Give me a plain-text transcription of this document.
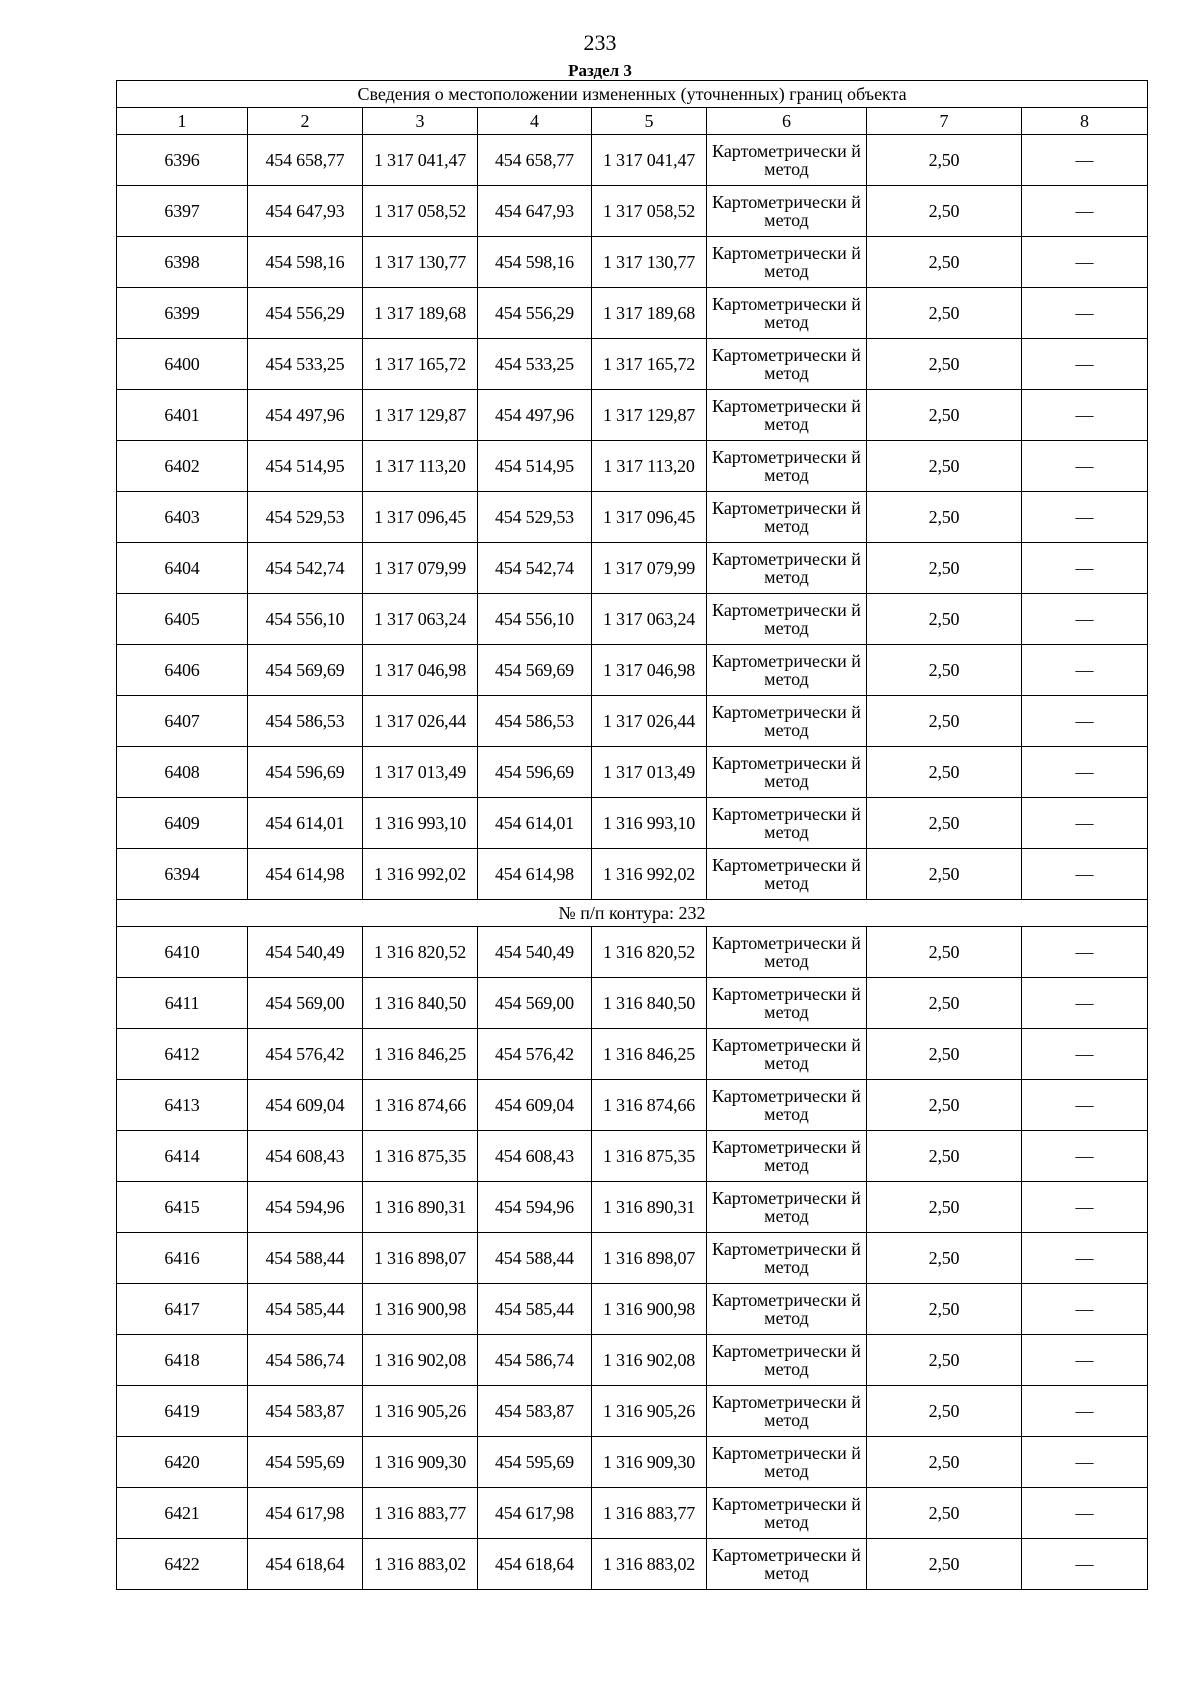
233
Раздел 3
Сведения о местоположении измененных (уточненных) границ объекта							
1	2	3	4	5	6	7	8
6396	454 658,77	1 317 041,47	454 658,77	1 317 041,47	Картометрически й метод	2,50	—
6397	454 647,93	1 317 058,52	454 647,93	1 317 058,52	Картометрически й метод	2,50	—
6398	454 598,16	1 317 130,77	454 598,16	1 317 130,77	Картометрически й метод	2,50	—
6399	454 556,29	1 317 189,68	454 556,29	1 317 189,68	Картометрически й метод	2,50	—
6400	454 533,25	1 317 165,72	454 533,25	1 317 165,72	Картометрически й метод	2,50	—
6401	454 497,96	1 317 129,87	454 497,96	1 317 129,87	Картометрически й метод	2,50	—
6402	454 514,95	1 317 113,20	454 514,95	1 317 113,20	Картометрически й метод	2,50	—
6403	454 529,53	1 317 096,45	454 529,53	1 317 096,45	Картометрически й метод	2,50	—
6404	454 542,74	1 317 079,99	454 542,74	1 317 079,99	Картометрически й метод	2,50	—
6405	454 556,10	1 317 063,24	454 556,10	1 317 063,24	Картометрически й метод	2,50	—
6406	454 569,69	1 317 046,98	454 569,69	1 317 046,98	Картометрически й метод	2,50	—
6407	454 586,53	1 317 026,44	454 586,53	1 317 026,44	Картометрически й метод	2,50	—
6408	454 596,69	1 317 013,49	454 596,69	1 317 013,49	Картометрически й метод	2,50	—
6409	454 614,01	1 316 993,10	454 614,01	1 316 993,10	Картометрически й метод	2,50	—
6394	454 614,98	1 316 992,02	454 614,98	1 316 992,02	Картометрически й метод	2,50	—
№ п/п контура: 232							
6410	454 540,49	1 316 820,52	454 540,49	1 316 820,52	Картометрически й метод	2,50	—
6411	454 569,00	1 316 840,50	454 569,00	1 316 840,50	Картометрически й метод	2,50	—
6412	454 576,42	1 316 846,25	454 576,42	1 316 846,25	Картометрически й метод	2,50	—
6413	454 609,04	1 316 874,66	454 609,04	1 316 874,66	Картометрически й метод	2,50	—
6414	454 608,43	1 316 875,35	454 608,43	1 316 875,35	Картометрически й метод	2,50	—
6415	454 594,96	1 316 890,31	454 594,96	1 316 890,31	Картометрически й метод	2,50	—
6416	454 588,44	1 316 898,07	454 588,44	1 316 898,07	Картометрически й метод	2,50	—
6417	454 585,44	1 316 900,98	454 585,44	1 316 900,98	Картометрически й метод	2,50	—
6418	454 586,74	1 316 902,08	454 586,74	1 316 902,08	Картометрически й метод	2,50	—
6419	454 583,87	1 316 905,26	454 583,87	1 316 905,26	Картометрически й метод	2,50	—
6420	454 595,69	1 316 909,30	454 595,69	1 316 909,30	Картометрически й метод	2,50	—
6421	454 617,98	1 316 883,77	454 617,98	1 316 883,77	Картометрически й метод	2,50	—
6422	454 618,64	1 316 883,02	454 618,64	1 316 883,02	Картометрически й метод	2,50	—
